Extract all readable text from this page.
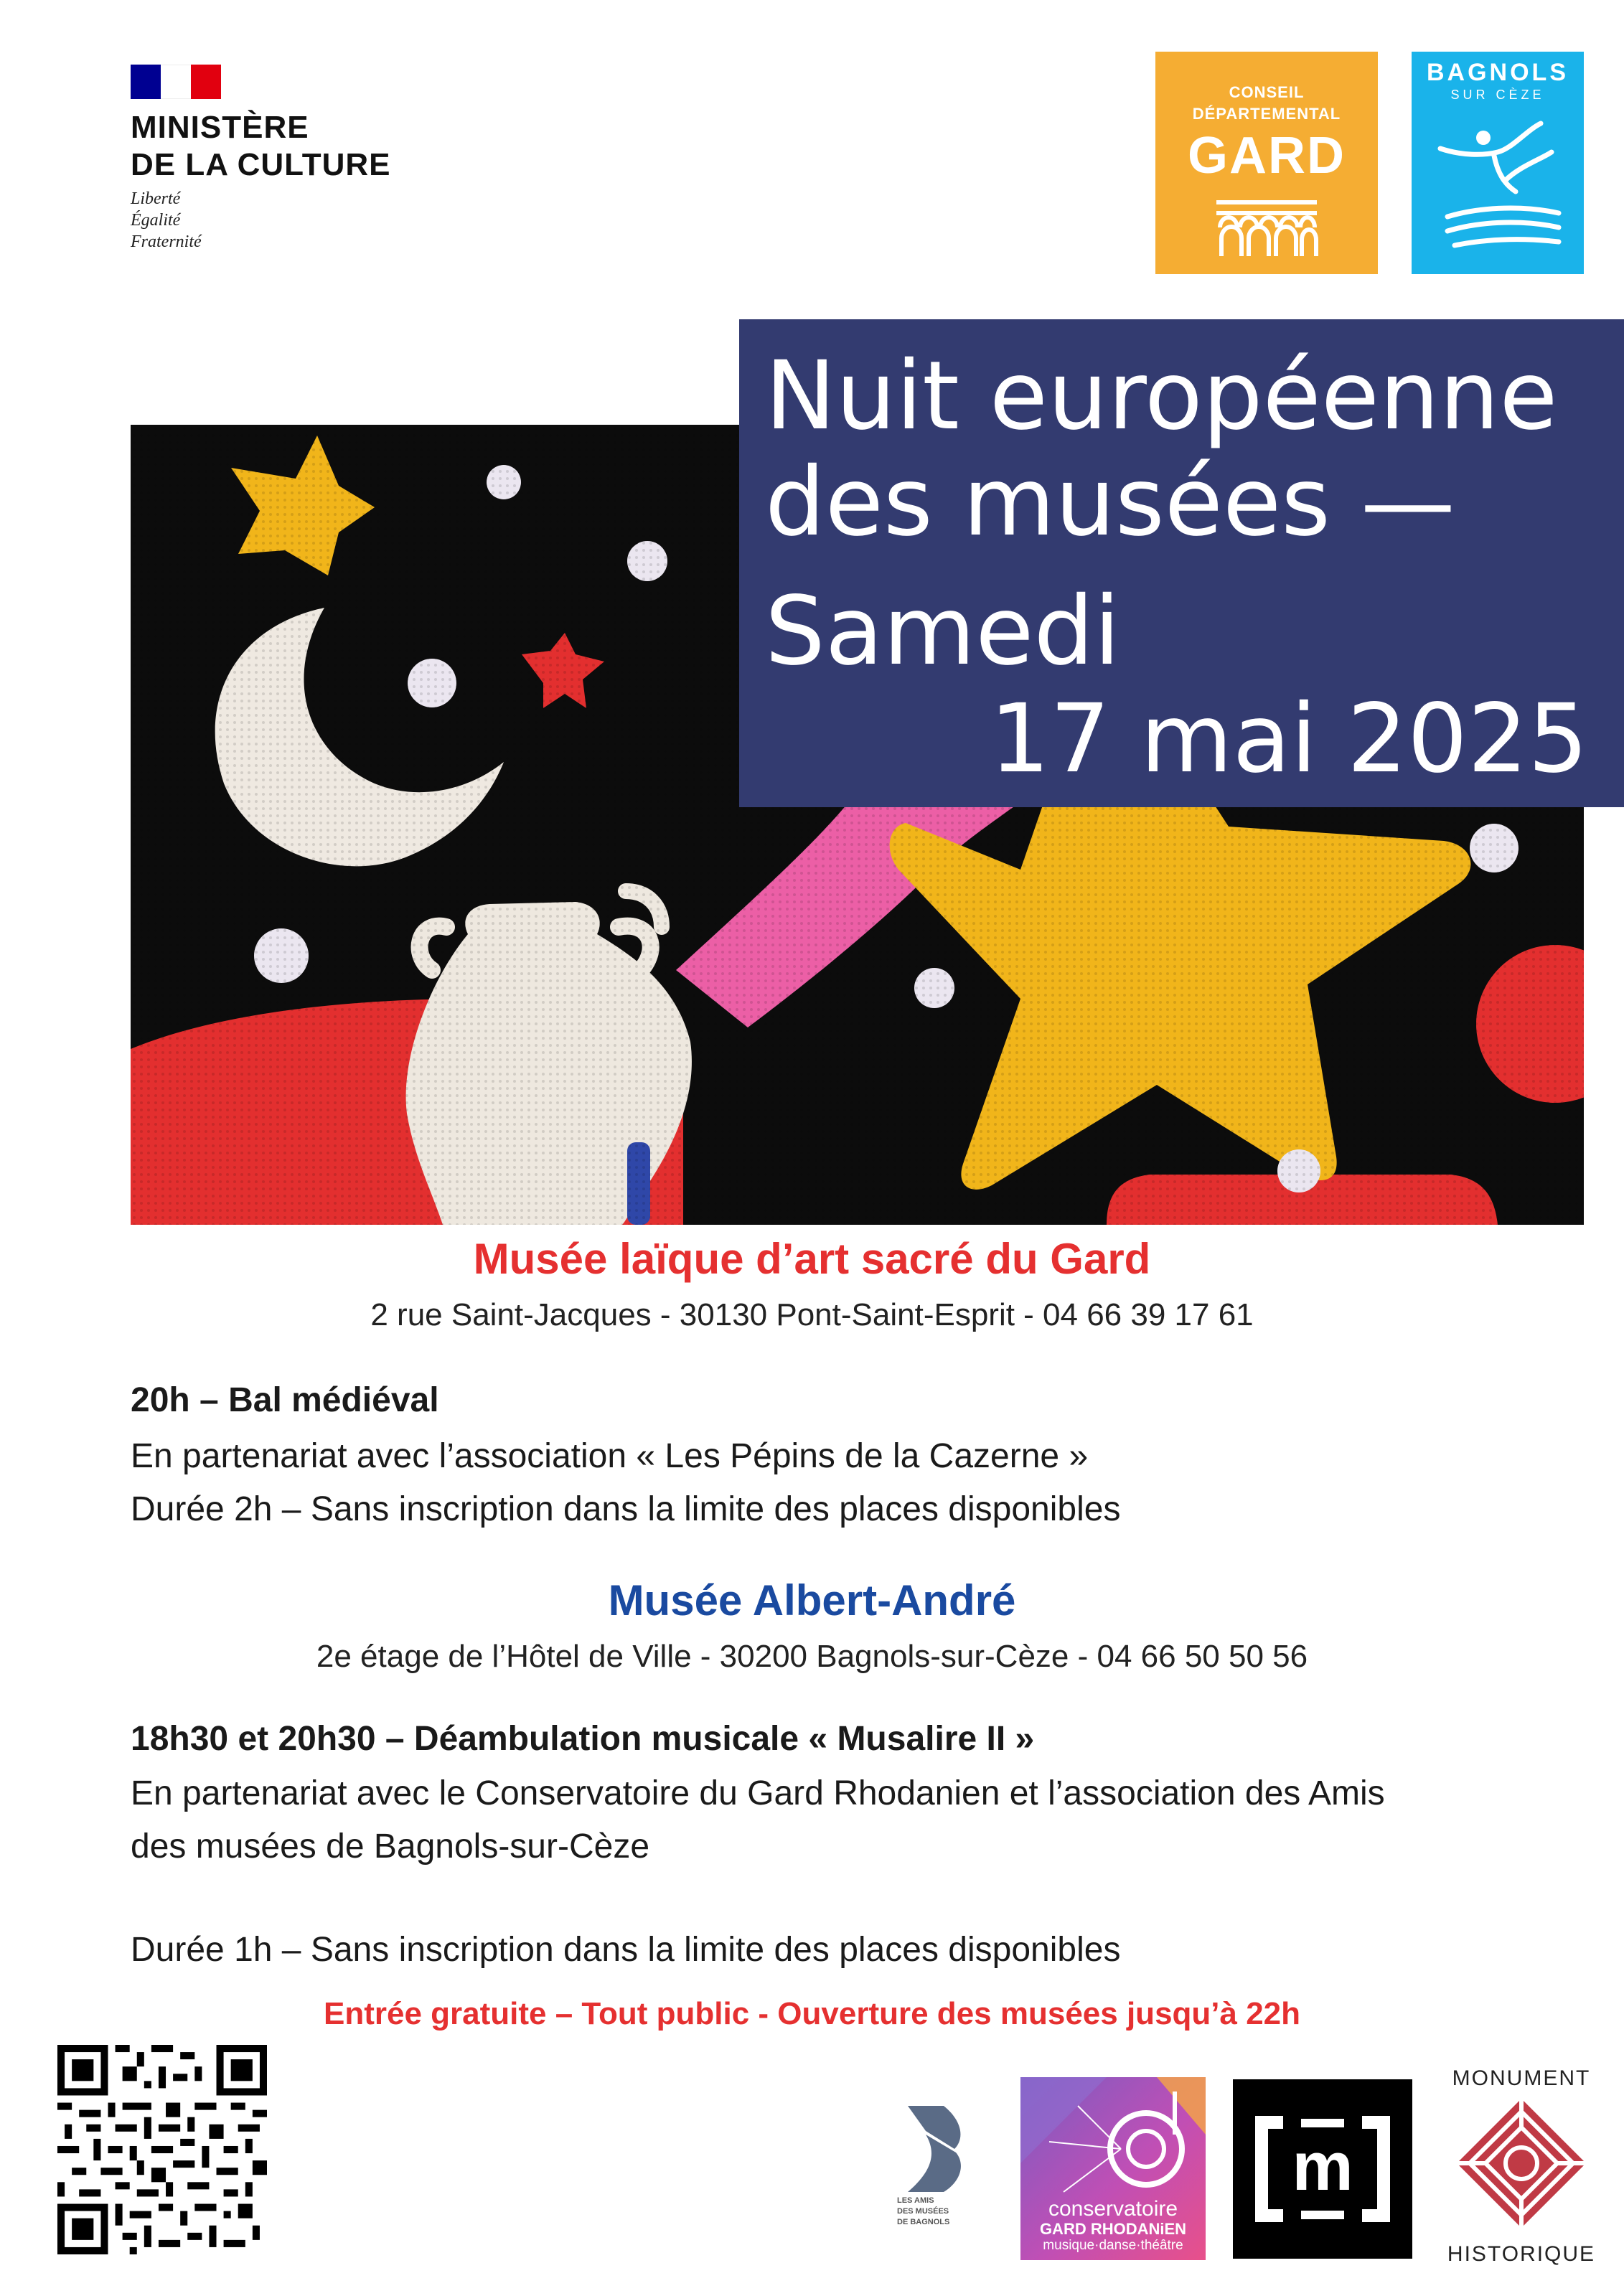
MINISTÈRE
DE LA CULTURE
Liberté
Égalité
Fraternité
CONSEIL
DÉPARTEMENTAL
GARD
BAGNOLS
SUR CÈZE
Nuit européenne
des musées —
Samedi
17 mai 2025
Musée laïque d’art sacré du Gard
2 rue Saint-Jacques - 30130 Pont-Saint-Esprit - 04 66 39 17 61
20h – Bal médiéval
En partenariat avec l’association « Les Pépins de la Cazerne »
Durée 2h – Sans inscription dans la limite des places disponibles
Musée Albert-André
2e étage de l’Hôtel de Ville - 30200 Bagnols-sur-Cèze - 04 66 50 50 56
18h30 et 20h30 – Déambulation musicale « Musalire II »
En partenariat avec le Conservatoire du Gard Rhodanien et l’association des Amis
des musées de Bagnols-sur-Cèze
Durée 1h – Sans inscription dans la limite des places disponibles
Entrée gratuite – Tout public - Ouverture des musées jusqu’à 22h
LES AMIS
DES MUSÉES
DE BAGNOLS
conservatoire
GARD RHODANiEN
musique·danse·théâtre
m
MONUMENT
HISTORIQUE
